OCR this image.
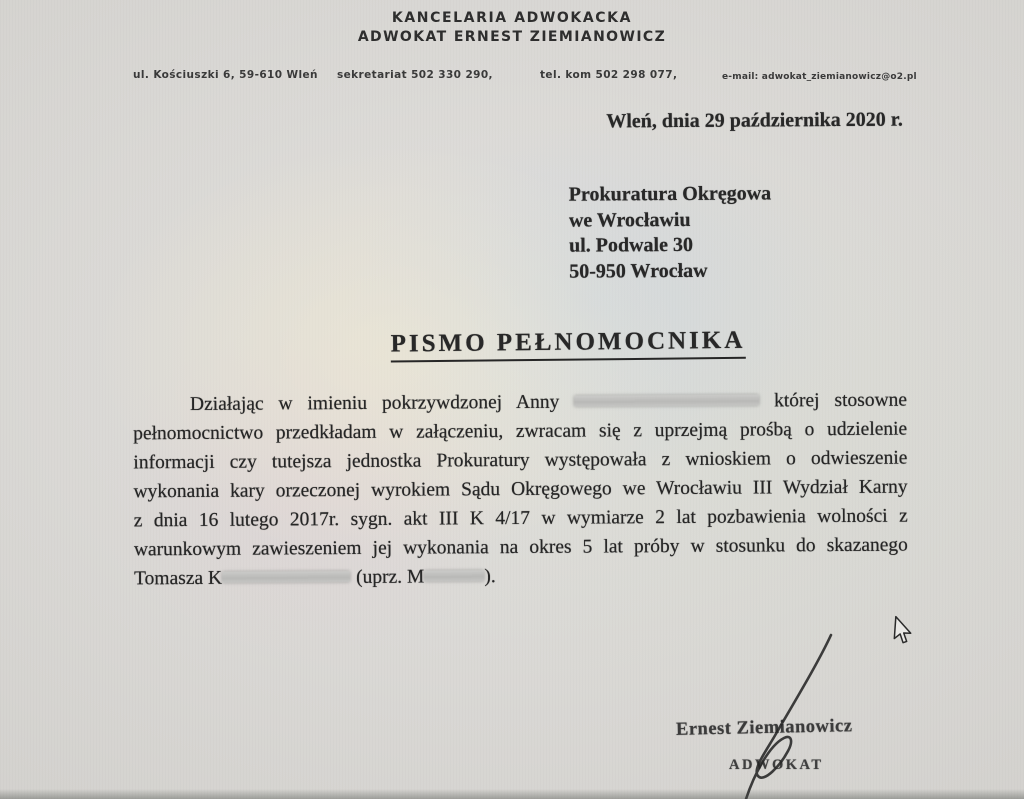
KANCELARIA ADWOKACKA
ADWOKAT ERNEST ZIEMIANOWICZ
ul. Kościuszki 6, 59-610 Wleń sekretariat 502 330 290,	tel. kom 502 298 077,	e-mail: adwokat_ziemianowicz@o2.pl
Wleń, dnia 29 października 2020 r.
Prokuratura Okręgowa
we Wrocławiu
ul. Podwale 30
50-950 Wrocław
PISMO PEŁNOMOCNIKA
Działając w imieniu pokrzywdzonej Anny	której stosowne
pełnomocnictwo przedkładam w załączeniu, zwracam się z uprzejmą prośbą o udzielenie
informacji czy tutejsza jednostka Prokuratury występowała z wnioskiem o odwieszenie
wykonania kary orzeczonej wyrokiem Sądu Okręgowego we Wrocławiu III Wydział Karny
z dnia 16 lutego 2017r. sygn. akt III K 4/17 w wymiarze 2 lat pozbawienia wolności z
warunkowym zawieszeniem jej wykonania na okres 5 lat próby w stosunku do skazanego
Tomasza K	(uprz. M	).
Ernest Ziemianowicz
ADWOKAT
